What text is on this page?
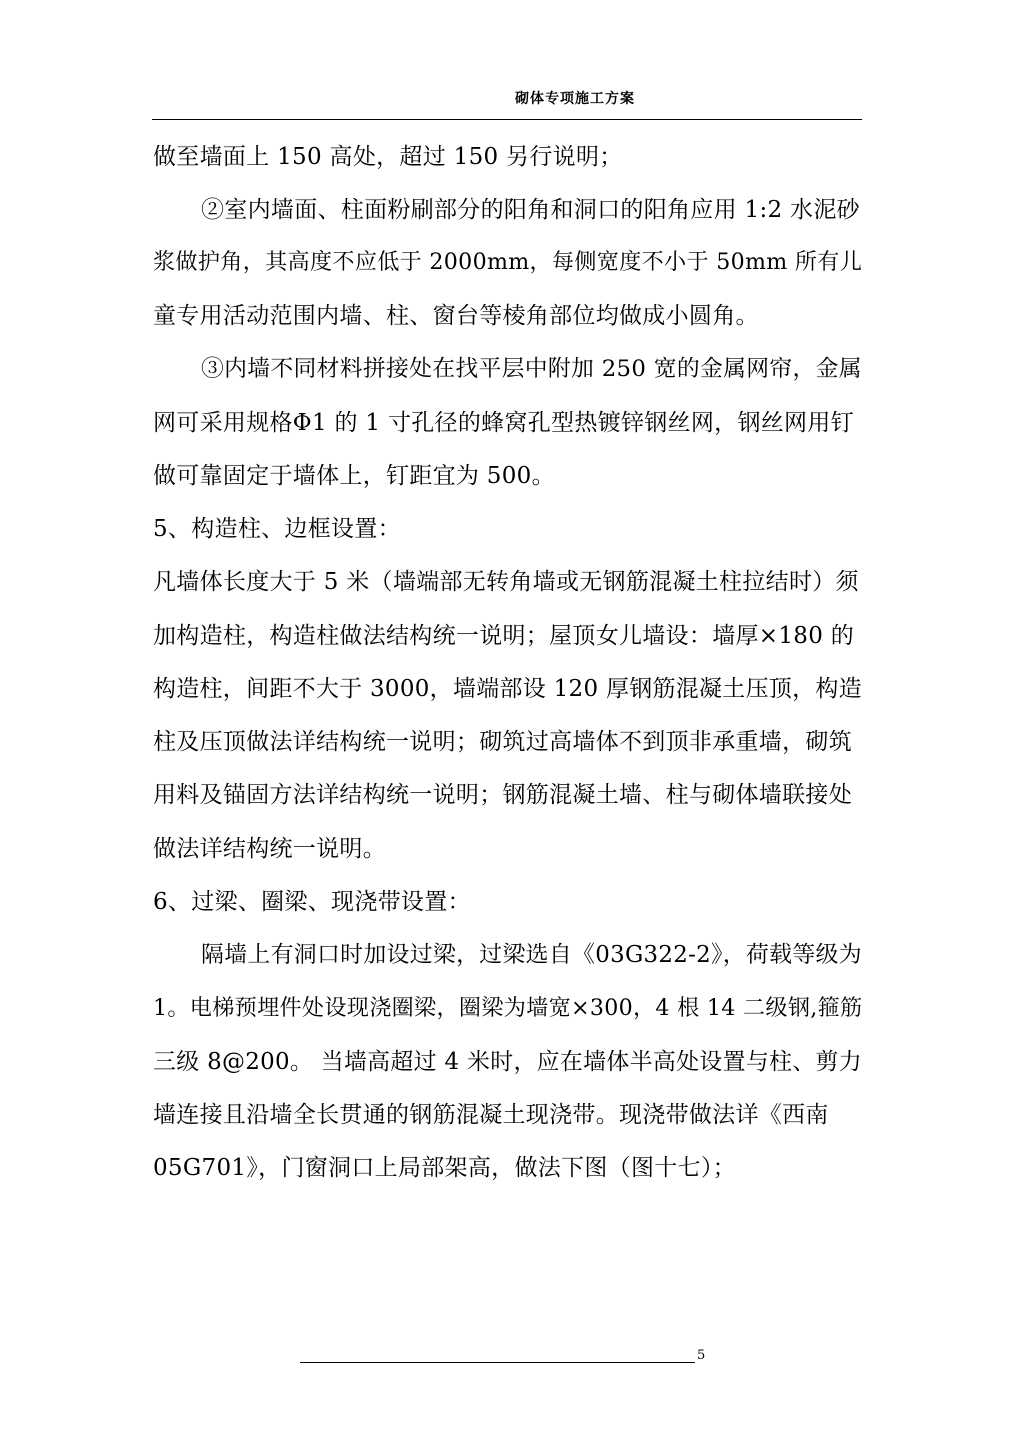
砌体专项施工方案
做至墙面上 150 高处，超过 150 另行说明；
②室内墙面、柱面粉刷部分的阳角和洞口的阳角应用 1:2 水泥砂
浆做护角，其高度不应低于 2000mm，每侧宽度不小于 50mm 所有儿
童专用活动范围内墙、柱、窗台等棱角部位均做成小圆角。
③内墙不同材料拼接处在找平层中附加 250 宽的金属网帘，金属
网可采用规格Φ1 的 1 寸孔径的蜂窝孔型热镀锌钢丝网，钢丝网用钉
做可靠固定于墙体上，钉距宜为 500。
5、构造柱、边框设置：
凡墙体长度大于 5 米（墙端部无转角墙或无钢筋混凝土柱拉结时）须
加构造柱，构造柱做法结构统一说明；屋顶女儿墙设：墙厚×180 的
构造柱，间距不大于 3000，墙端部设 120 厚钢筋混凝土压顶，构造
柱及压顶做法详结构统一说明；砌筑过高墙体不到顶非承重墙，砌筑
用料及锚固方法详结构统一说明；钢筋混凝土墙、柱与砌体墙联接处
做法详结构统一说明。
6、过梁、圈梁、现浇带设置：
隔墙上有洞口时加设过梁，过梁选自《03G322-2》，荷载等级为
1。电梯预埋件处设现浇圈梁，圈梁为墙宽×300，4 根 14 二级钢,箍筋
三级 8@200。 当墙高超过 4 米时，应在墙体半高处设置与柱、剪力
墙连接且沿墙全长贯通的钢筋混凝土现浇带。现浇带做法详《西南
05G701》，门窗洞口上局部架高，做法下图（图十七）；
5
